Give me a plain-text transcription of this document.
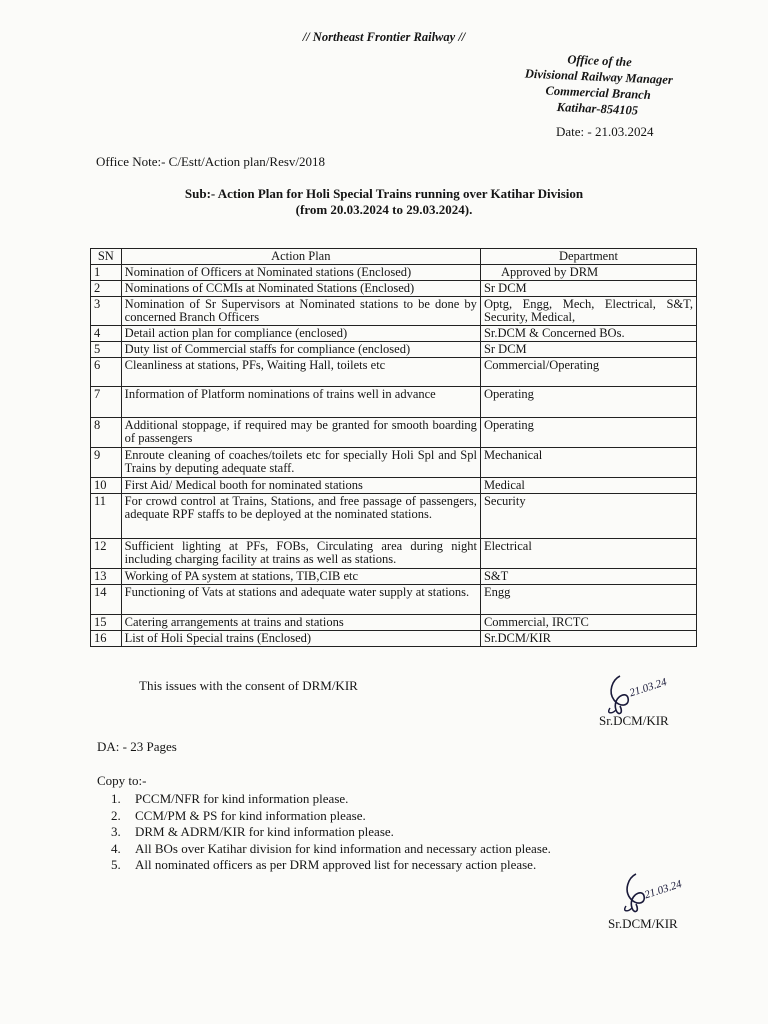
// Northeast Frontier Railway //
Office of the
Divisional Railway Manager
Commercial Branch
Katihar-854105
Date: - 21.03.2024
Office Note:- C/Estt/Action plan/Resv/2018
Sub:- Action Plan for Holi Special Trains running over Katihar Division
(from 20.03.2024 to 29.03.2024).
SN	Action Plan	Department
1	Nomination of Officers at Nominated stations (Enclosed)	Approved by DRM
2	Nominations of CCMIs at Nominated Stations (Enclosed)	Sr DCM
3	Nomination of Sr Supervisors at Nominated stations to be done by concerned Branch Officers	Optg, Engg, Mech, Electrical, S&T, Security, Medical,
4	Detail action plan for compliance (enclosed)	Sr.DCM & Concerned BOs.
5	Duty list of Commercial staffs for compliance (enclosed)	Sr DCM
6	Cleanliness at stations, PFs, Waiting Hall, toilets etc	Commercial/Operating
7	Information of Platform nominations of trains well in advance	Operating
8	Additional stoppage, if required may be granted for smooth boarding of passengers	Operating
9	Enroute cleaning of coaches/toilets etc for specially Holi Spl and Spl Trains by deputing adequate staff.	Mechanical
10	First Aid/ Medical booth for nominated stations	Medical
11	For crowd control at Trains, Stations, and free passage of passengers, adequate RPF staffs to be deployed at the nominated stations.	Security
12	Sufficient lighting at PFs, FOBs, Circulating area during night including charging facility at trains as well as stations.	Electrical
13	Working of PA system at stations, TIB,CIB etc	S&T
14	Functioning of Vats at stations and adequate water supply at stations.	Engg
15	Catering arrangements at trains and stations	Commercial, IRCTC
16	List of Holi Special trains (Enclosed)	Sr.DCM/KIR
This issues with the consent of DRM/KIR	21.03.24
Sr.DCM/KIR
DA: - 23 Pages
Copy to:-
1.	PCCM/NFR for kind information please.
2.	CCM/PM & PS for kind information please.
3.	DRM & ADRM/KIR for kind information please.
4.	All BOs over Katihar division for kind information and necessary action please.
5.	All nominated officers as per DRM approved list for necessary action please.
21.03.24
Sr.DCM/KIR
